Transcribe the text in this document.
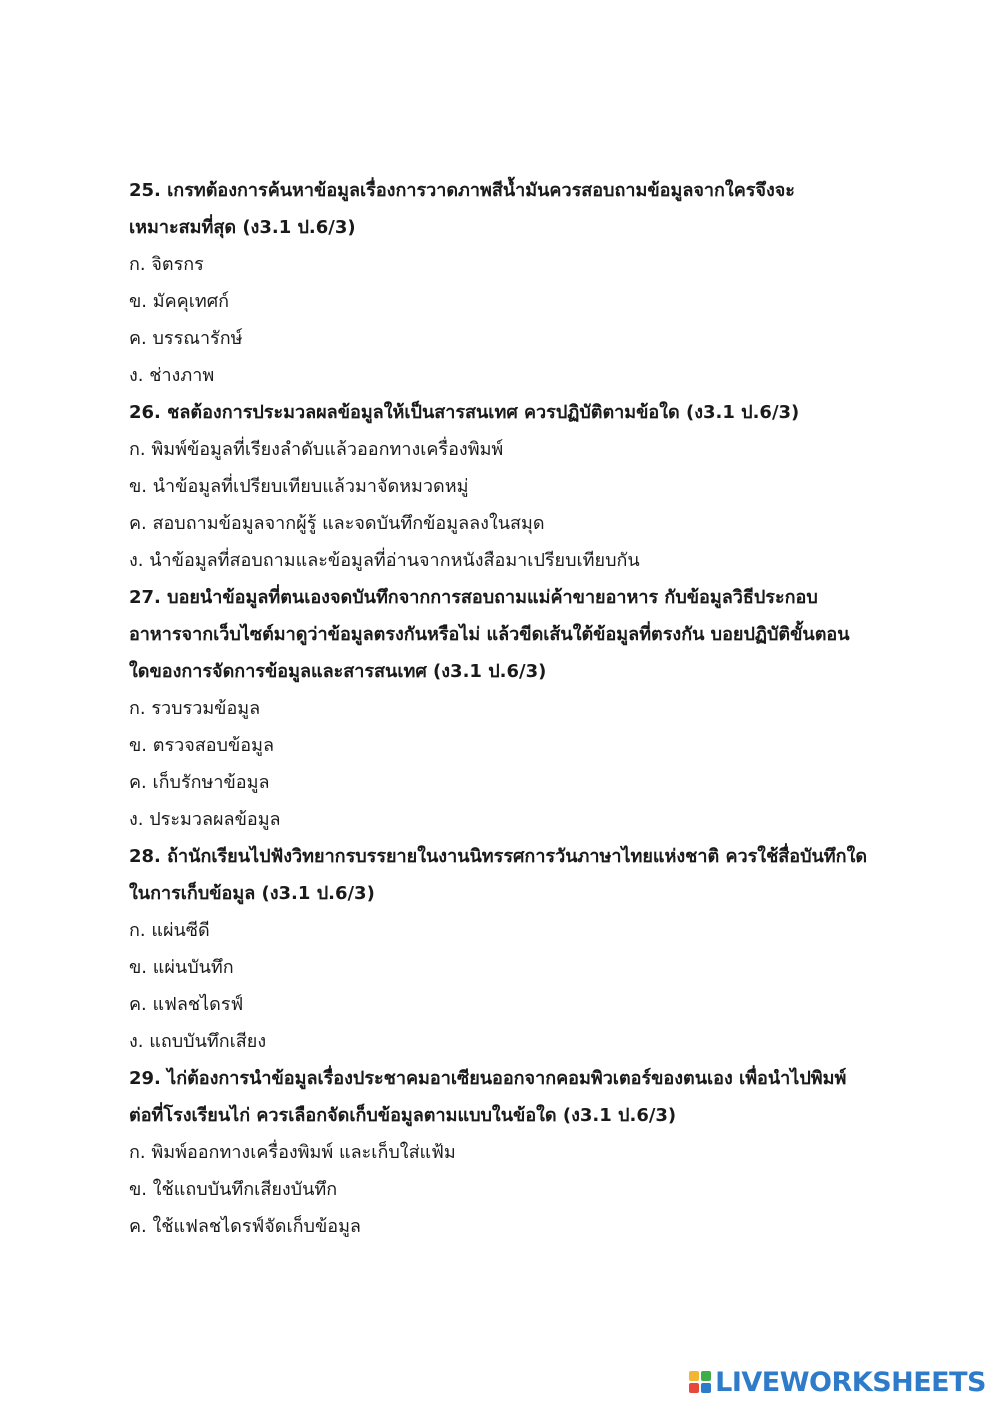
25. เกรทต้องการค้นหาข้อมูลเรื่องการวาดภาพสีน้ำมันควรสอบถามข้อมูลจากใครจึงจะ
เหมาะสมที่สุด (ง3.1 ป.6/3)
ก. จิตรกร
ข. มัคคุเทศก์
ค. บรรณารักษ์
ง. ช่างภาพ
26. ชลต้องการประมวลผลข้อมูลให้เป็นสารสนเทศ ควรปฏิบัติตามข้อใด (ง3.1 ป.6/3)
ก. พิมพ์ข้อมูลที่เรียงลำดับแล้วออกทางเครื่องพิมพ์
ข. นำข้อมูลที่เปรียบเทียบแล้วมาจัดหมวดหมู่
ค. สอบถามข้อมูลจากผู้รู้ และจดบันทึกข้อมูลลงในสมุด
ง. นำข้อมูลที่สอบถามและข้อมูลที่อ่านจากหนังสือมาเปรียบเทียบกัน
27. บอยนำข้อมูลที่ตนเองจดบันทึกจากการสอบถามแม่ค้าขายอาหาร กับข้อมูลวิธีประกอบ
อาหารจากเว็บไซต์มาดูว่าข้อมูลตรงกันหรือไม่ แล้วขีดเส้นใต้ข้อมูลที่ตรงกัน บอยปฏิบัติขั้นตอน
ใดของการจัดการข้อมูลและสารสนเทศ (ง3.1 ป.6/3)
ก. รวบรวมข้อมูล
ข. ตรวจสอบข้อมูล
ค. เก็บรักษาข้อมูล
ง. ประมวลผลข้อมูล
28. ถ้านักเรียนไปฟังวิทยากรบรรยายในงานนิทรรศการวันภาษาไทยแห่งชาติ ควรใช้สื่อบันทึกใด
ในการเก็บข้อมูล (ง3.1 ป.6/3)
ก. แผ่นซีดี
ข. แผ่นบันทึก
ค. แฟลชไดรฟ์
ง. แถบบันทึกเสียง
29. ไก่ต้องการนำข้อมูลเรื่องประชาคมอาเซียนออกจากคอมพิวเตอร์ของตนเอง เพื่อนำไปพิมพ์
ต่อที่โรงเรียนไก่ ควรเลือกจัดเก็บข้อมูลตามแบบในข้อใด (ง3.1 ป.6/3)
ก. พิมพ์ออกทางเครื่องพิมพ์ และเก็บใส่แฟ้ม
ข. ใช้แถบบันทึกเสียงบันทึก
ค. ใช้แฟลชไดรฟ์จัดเก็บข้อมูล
LIVEWORKSHEETS
